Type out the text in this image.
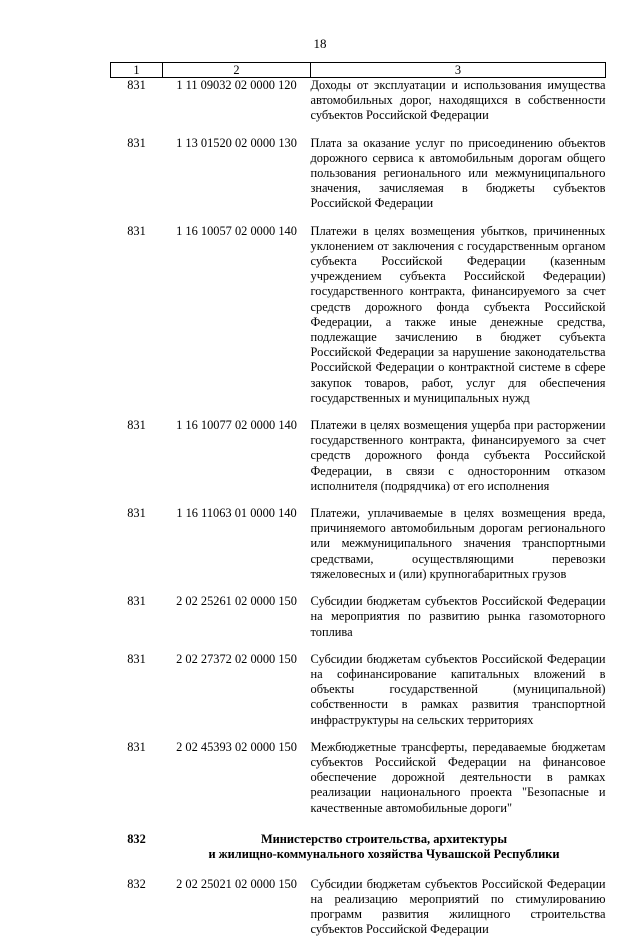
18
1	2	3
831	1 11 09032 02 0000 120	Доходы от эксплуатации и использования имущества автомобильных дорог, находящихся в собственности субъектов Российской Федерации
831	1 13 01520 02 0000 130	Плата за оказание услуг по присоединению объектов дорожного сервиса к автомобильным дорогам общего пользования регионального или межмуниципального значения, зачисляемая в бюджеты субъектов Российской Федерации
831	1 16 10057 02 0000 140	Платежи в целях возмещения убытков, причиненных уклонением от заключения с государственным органом субъекта Российской Федерации (казенным учреждением субъекта Российской Федерации) государственного контракта, финансируемого за счет средств дорожного фонда субъекта Российской Федерации, а также иные денежные средства, подлежащие зачислению в бюджет субъекта Российской Федерации за нарушение законодательства Российской Федерации о контрактной системе в сфере закупок товаров, работ, услуг для обеспечения государственных и муниципальных нужд
831	1 16 10077 02 0000 140	Платежи в целях возмещения ущерба при расторжении государственного контракта, финансируемого за счет средств дорожного фонда субъекта Российской Федерации, в связи с односторонним отказом исполнителя (подрядчика) от его исполнения
831	1 16 11063 01 0000 140	Платежи, уплачиваемые в целях возмещения вреда, причиняемого автомобильным дорогам регионального или межмуниципального значения транспортными средствами, осуществляющими перевозки тяжеловесных и (или) крупногабаритных грузов
831	2 02 25261 02 0000 150	Субсидии бюджетам субъектов Российской Федерации на мероприятия по развитию рынка газомоторного топлива
831	2 02 27372 02 0000 150	Субсидии бюджетам субъектов Российской Федерации на софинансирование капитальных вложений в объекты государственной (муниципальной) собственности в рамках развития транспортной инфраструктуры на сельских территориях
831	2 02 45393 02 0000 150	Межбюджетные трансферты, передаваемые бюджетам субъектов Российской Федерации на финансовое обеспечение дорожной деятельности в рамках реализации национального проекта "Безопасные и качественные автомобильные дороги"
832	Министерство строительства, архитектуры
и жилищно-коммунального хозяйства Чувашской Республики	

832	2 02 25021 02 0000 150	Субсидии бюджетам субъектов Российской Федерации на реализацию мероприятий по стимулированию программ развития жилищного строительства субъектов Российской Федерации
